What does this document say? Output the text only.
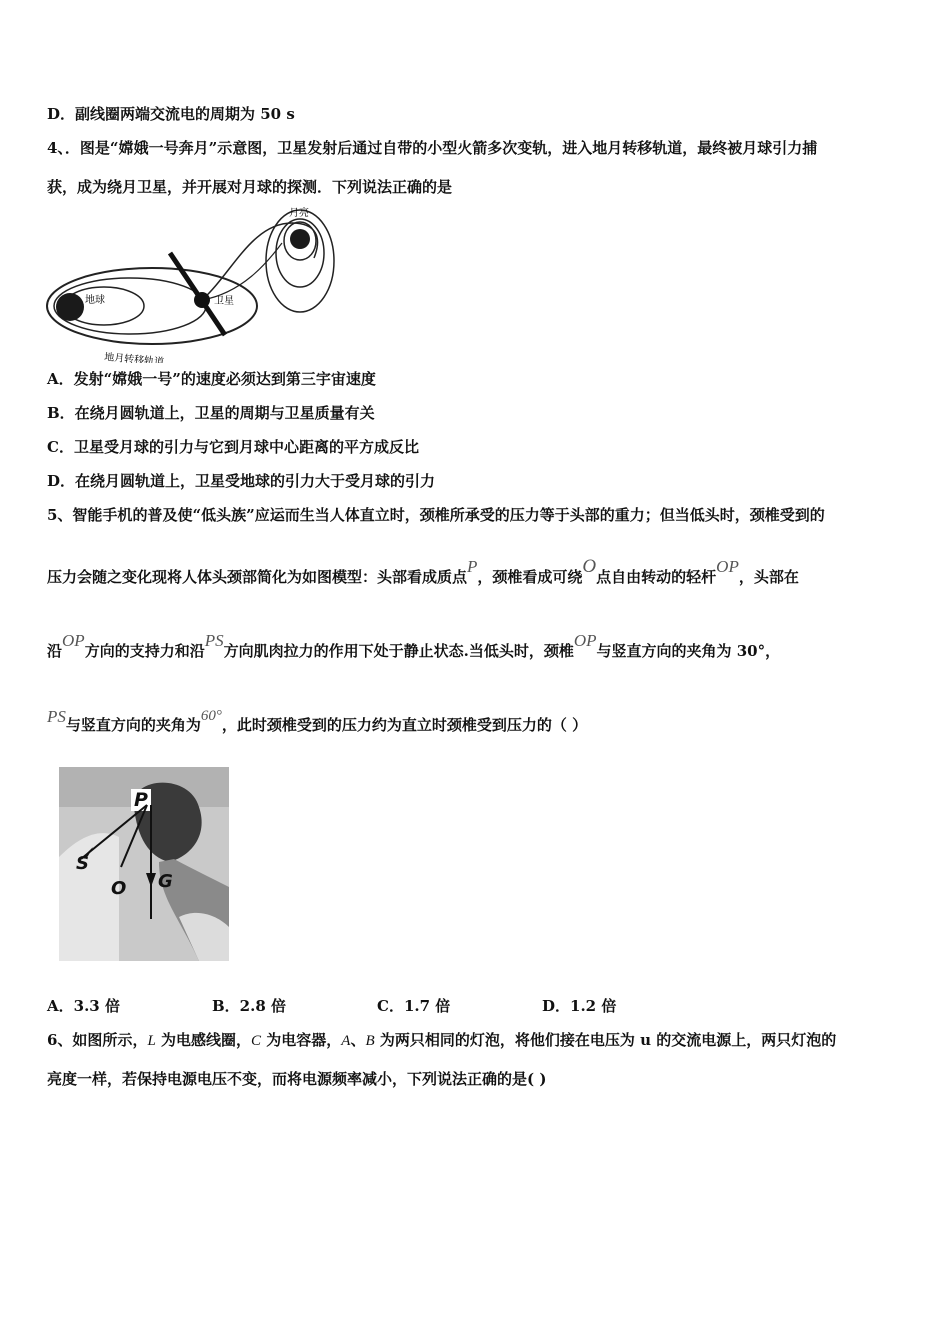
D．副线圈两端交流电的周期为 50 s
4、．图是“嫦娥一号奔月”示意图，卫星发射后通过自带的小型火箭多次变轨，进入地月转移轨道，最终被月球引力捕
获，成为绕月卫星，并开展对月球的探测．下列说法正确的是
月亮
地球	卫星
地月转移轨道
A．发射“嫦娥一号”的速度必须达到第三宇宙速度
B．在绕月圆轨道上，卫星的周期与卫星质量有关
C．卫星受月球的引力与它到月球中心距离的平方成反比
D．在绕月圆轨道上，卫星受地球的引力大于受月球的引力
5、智能手机的普及使“低头族”应运而生当人体直立时，颈椎所承受的压力等于头部的重力；但当低头时，颈椎受到的
压力会随之变化现将人体头颈部简化为如图模型：头部看成质点P，颈椎看成可绕O点自由转动的轻杆OP，头部在
沿OP方向的支持力和沿PS方向肌肉拉力的作用下处于静止状态.当低头时，颈椎OP与竖直方向的夹角为 30°，
PS与竖直方向的夹角为60°，此时颈椎受到的压力约为直立时颈椎受到压力的（ ）
P
S
O G
A．3.3 倍	B．2.8 倍	C．1.7 倍	D．1.2 倍
6、如图所示，L 为电感线圈，C 为电容器，A、B 为两只相同的灯泡，将他们接在电压为 u 的交流电源上，两只灯泡的
亮度一样，若保持电源电压不变，而将电源频率减小，下列说法正确的是( )
